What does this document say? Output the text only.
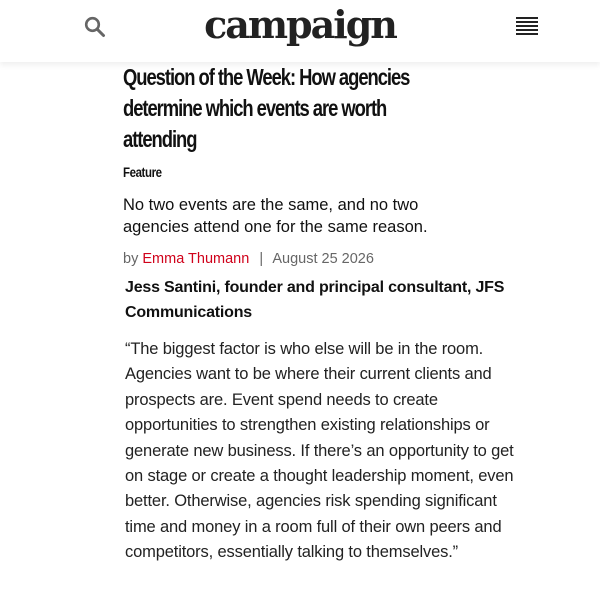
campaign
Question of the Week: How agencies determine which events are worth attending
Feature

No two events are the same, and no two agencies attend one for the same reason.

by Emma Thumann | August 25 2026
Jess Santini, founder and principal consultant, JFS Communications

“The biggest factor is who else will be in the room. Agencies want to be where their current clients and prospects are. Event spend needs to create opportunities to strengthen existing relationships or generate new business. If there’s an opportunity to get on stage or create a thought leadership moment, even better. Otherwise, agencies risk spending significant time and money in a room full of their own peers and competitors, essentially talking to themselves.”
